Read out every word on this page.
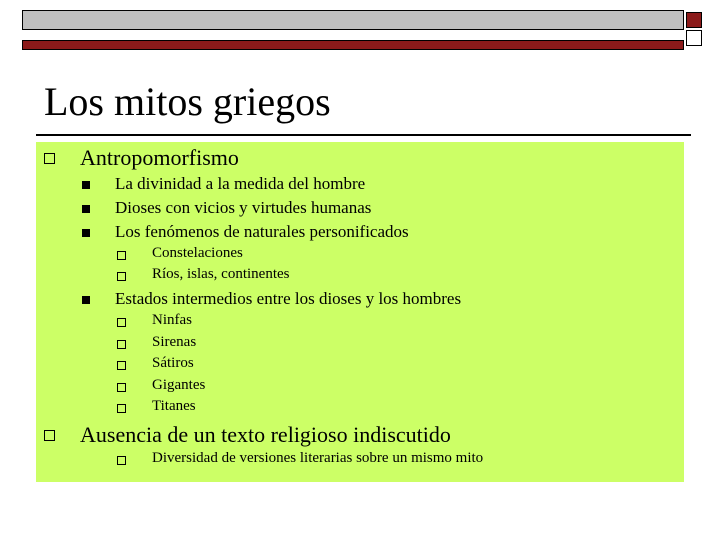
Los mitos griegos
Antropomorfismo
La divinidad a la medida del hombre
Dioses con vicios y virtudes humanas
Los fenómenos de naturales personificados
Constelaciones
Ríos, islas, continentes
Estados intermedios entre los dioses y los hombres
Ninfas
Sirenas
Sátiros
Gigantes
Titanes
Ausencia de un texto religioso indiscutido
Diversidad de versiones literarias sobre un mismo mito
